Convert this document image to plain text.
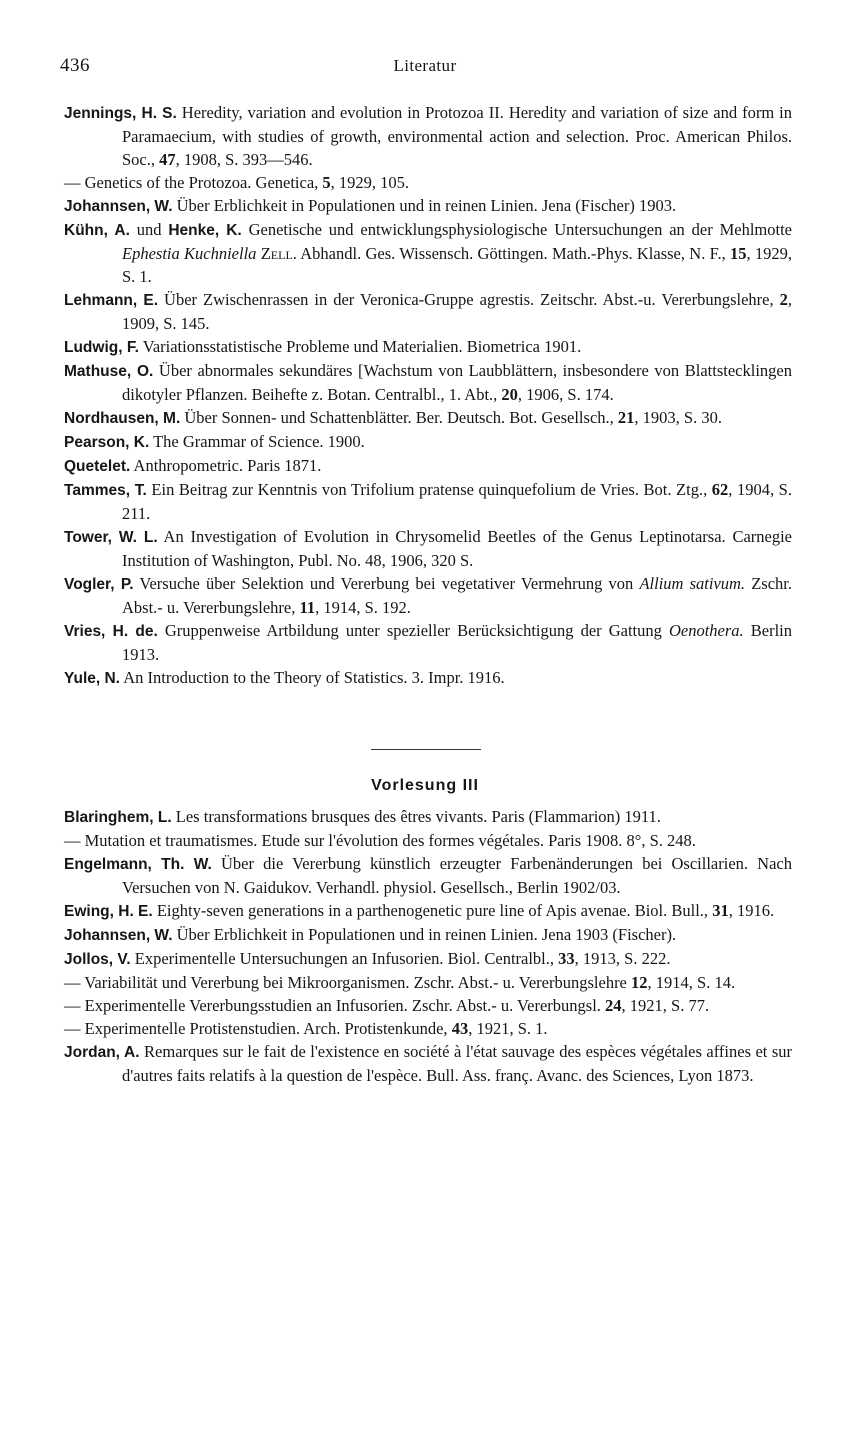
436	Literatur

Jennings, H. S. Heredity, variation and evolution in Protozoa II. Heredity and variation of size and form in Paramaecium, with studies of growth, environmental action and selection. Proc. American Philos. Soc., 47, 1908, S. 393—546.

— Genetics of the Protozoa. Genetica, 5, 1929, 105.

Johannsen, W. Über Erblichkeit in Populationen und in reinen Linien. Jena (Fischer) 1903.

Kühn, A. und Henke, K. Genetische und entwicklungsphysiologische Untersuchungen an der Mehlmotte Ephestia Kuchniella Zell. Abhandl. Ges. Wissensch. Göttingen. Math.-Phys. Klasse, N. F., 15, 1929, S. 1.

Lehmann, E. Über Zwischenrassen in der Veronica-Gruppe agrestis. Zeitschr. Abst.-u. Vererbungslehre, 2, 1909, S. 145.

Ludwig, F. Variationsstatistische Probleme und Materialien. Biometrica 1901.

Mathuse, O. Über abnormales sekundäres [Wachstum von Laubblättern, insbesondere von Blattstecklingen dikotyler Pflanzen. Beihefte z. Botan. Centralbl., 1. Abt., 20, 1906, S. 174.

Nordhausen, M. Über Sonnen- und Schattenblätter. Ber. Deutsch. Bot. Gesellsch., 21, 1903, S. 30.

Pearson, K. The Grammar of Science. 1900.

Quetelet. Anthropometric. Paris 1871.

Tammes, T. Ein Beitrag zur Kenntnis von Trifolium pratense quinquefolium de Vries. Bot. Ztg., 62, 1904, S. 211.

Tower, W. L. An Investigation of Evolution in Chrysomelid Beetles of the Genus Leptinotarsa. Carnegie Institution of Washington, Publ. No. 48, 1906, 320 S.

Vogler, P. Versuche über Selektion und Vererbung bei vegetativer Vermehrung von Allium sativum. Zschr. Abst.- u. Vererbungslehre, 11, 1914, S. 192.

Vries, H. de. Gruppenweise Artbildung unter spezieller Berücksichtigung der Gattung Oenothera. Berlin 1913.

Yule, N. An Introduction to the Theory of Statistics. 3. Impr. 1916.

Vorlesung III

Blaringhem, L. Les transformations brusques des êtres vivants. Paris (Flammarion) 1911.

— Mutation et traumatismes. Etude sur l'évolution des formes végétales. Paris 1908. 8°, S. 248.

Engelmann, Th. W. Über die Vererbung künstlich erzeugter Farbenänderungen bei Oscillarien. Nach Versuchen von N. Gaidukov. Verhandl. physiol. Gesellsch., Berlin 1902/03.

Ewing, H. E. Eighty-seven generations in a parthenogenetic pure line of Apis avenae. Biol. Bull., 31, 1916.

Johannsen, W. Über Erblichkeit in Populationen und in reinen Linien. Jena 1903 (Fischer).

Jollos, V. Experimentelle Untersuchungen an Infusorien. Biol. Centralbl., 33, 1913, S. 222.

— Variabilität und Vererbung bei Mikroorganismen. Zschr. Abst.- u. Vererbungslehre 12, 1914, S. 14.

— Experimentelle Vererbungsstudien an Infusorien. Zschr. Abst.- u. Vererbungsl. 24, 1921, S. 77.

— Experimentelle Protistenstudien. Arch. Protistenkunde, 43, 1921, S. 1.

Jordan, A. Remarques sur le fait de l'existence en société à l'état sauvage des espèces végétales affines et sur d'autres faits relatifs à la question de l'espèce. Bull. Ass. franç. Avanc. des Sciences, Lyon 1873.
